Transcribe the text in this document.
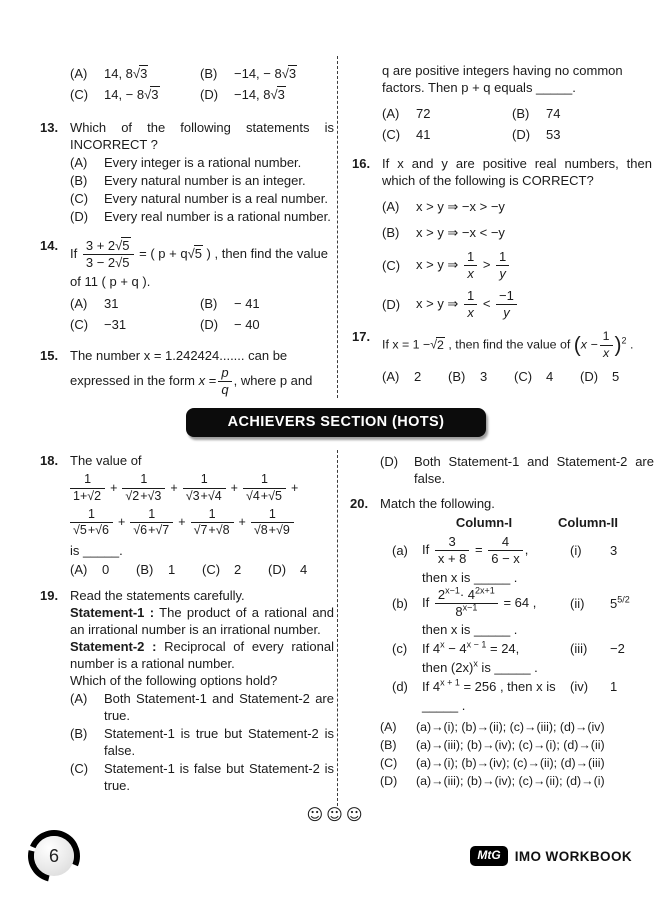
(A)	14, 8√3	(B)	−14, − 8√3
(C)	14, − 8√3	(D)	−14, 8√3
13. Which of the following statements is INCORRECT ?
(A)	Every integer is a rational number.
(B)	Every natural number is an integer.
(C)	Every natural number is a real number.
(D)	Every real number is a rational number.
14.
If $\frac{3 + 2√5}{3 - 2√5}$ = ( p + q√5 ) , then find the value
of 11 ( p + q ).
(A)	31	(B)	− 41
(C)	−31	(D)	− 40
15. The number x = 1.242424....... can be
expressed in the form $x = \frac{p}{q}$ , where p and
q are positive integers having no common
factors. Then p + q equals _____.
(A)	72	(B)	74
(C)	41	(D)	53
16. If x and y are positive real numbers, then which of the following is CORRECT?
(A)	x > y ⇒ −x > −y
(B)	x > y ⇒ −x < −y
(C)	x > y ⇒ $\frac{1}{x} > \frac{1}{y}$
(D)	x > y ⇒ $\frac{1}{x} < \frac{-1}{y}$
17.
If x = 1 −√2 , then find the value of $(x - \frac{1}{x} )^2$ .
(A)	2 (B)	3 (C)	4 (D)	5
ACHIEVERS SECTION (HOTS)
18. The value of
$\frac{1}{1+√2} + \frac{1}{√2+√3} + \frac{1}{√3+√4} + \frac{1}{√4+√5}$ +
$\frac{1}{√5+√6} + \frac{1}{√6+√7} + \frac{1}{√7+√8} + \frac{1}{√8+√9}$
is _____.
(A)	0 (B)	1 (C)	2 (D)	4
19. Read the statements carefully.
Statement-1 : The product of a rational and an irrational number is an irrational number.
Statement-2 : Reciprocal of every rational number is a rational number.
Which of the following options hold?
(A)	Both Statement-1 and Statement-2 are true.
(B)	Statement-1 is true but Statement-2 is false.
(C)	Statement-1 is false but Statement-2 is true.
(D)	Both Statement-1 and Statement-2 are false.
20. Match the following.
Column-I	Column-II
(a)	If $\frac{3}{x + 8} = \frac{4}{6 - x}$ ,	(i)	3
then x is _____ .
(b)	If $\frac{2^{x-1}\cdot 4^{2x+1}}{8^{x-1}} = 64$ ,	(ii)	$5^{5/2}$
then x is _____ .
(c)	If $4^x - 4^{x - 1} = 24$,	(iii)	−2
then $(2x)^x$ is _____ .
(d)	If $4^{x + 1} = 256$ , then x is	(iv)	1
_____ .
(A)	(a)→(i); (b)→(ii); (c)→(iii); (d)→(iv)
(B)	(a)→(iii); (b)→(iv); (c)→(i); (d)→(ii)
(C)	(a)→(i); (b)→(iv); (c)→(ii); (d)→(iii)
(D)	(a)→(iii); (b)→(iv); (c)→(ii); (d)→(i)
☺☺☺
6	MtG	IMO WORKBOOK
